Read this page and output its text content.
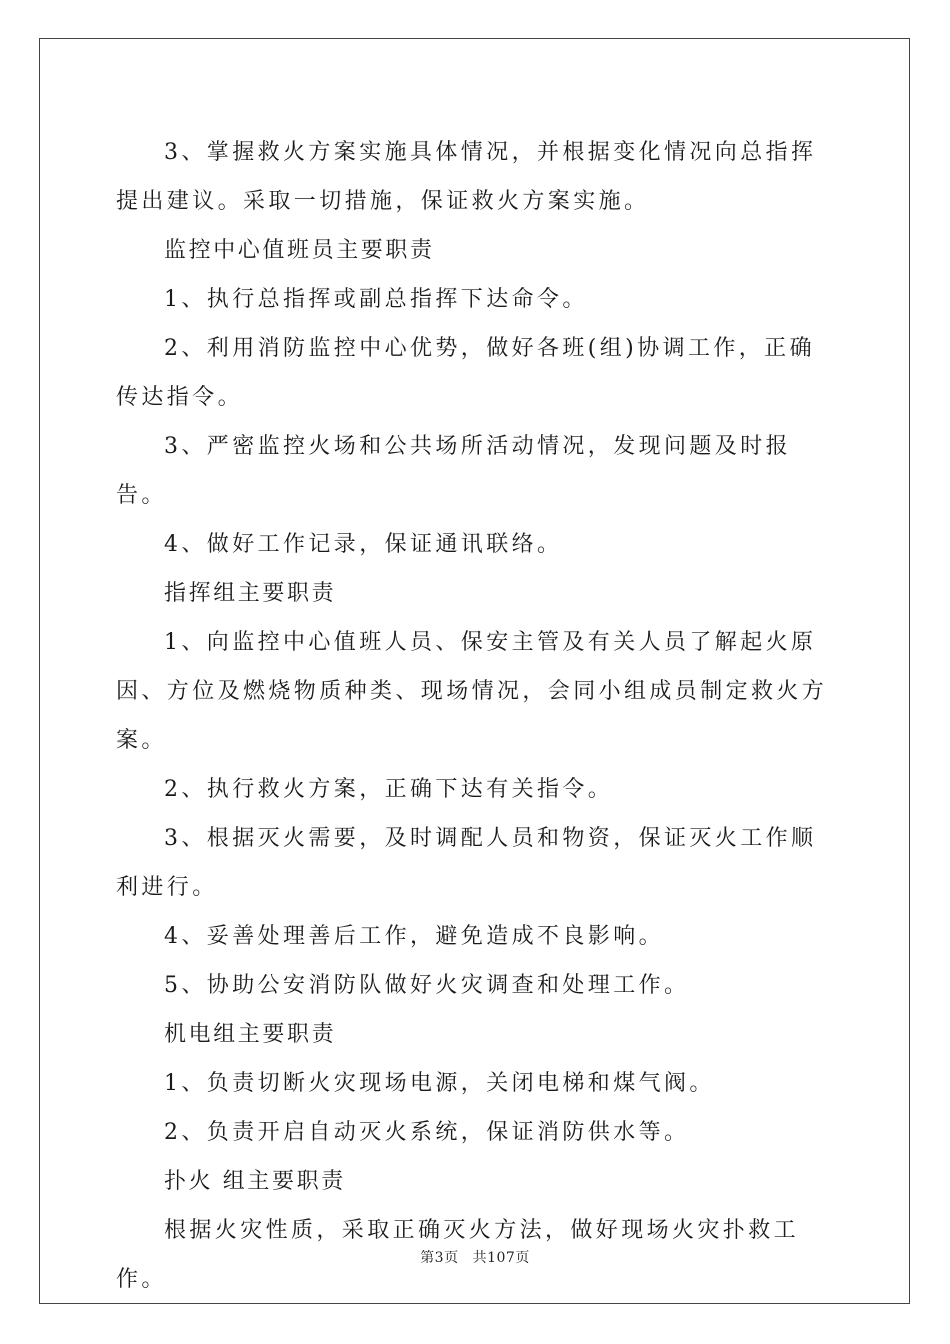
3、掌握救火方案实施具体情况，并根据变化情况向总指挥提出建议。采取一切措施，保证救火方案实施。

监控中心值班员主要职责

1、执行总指挥或副总指挥下达命令。

2、利用消防监控中心优势，做好各班(组)协调工作，正确传达指令。

3、严密监控火场和公共场所活动情况，发现问题及时报告。

4、做好工作记录，保证通讯联络。

指挥组主要职责

1、向监控中心值班人员、保安主管及有关人员了解起火原因、方位及燃烧物质种类、现场情况，会同小组成员制定救火方案。

2、执行救火方案，正确下达有关指令。

3、根据灭火需要，及时调配人员和物资，保证灭火工作顺利进行。

4、妥善处理善后工作，避免造成不良影响。

5、协助公安消防队做好火灾调查和处理工作。

机电组主要职责

1、负责切断火灾现场电源，关闭电梯和煤气阀。

2、负责开启自动灭火系统，保证消防供水等。

扑火 组主要职责

根据火灾性质，采取正确灭火方法，做好现场火灾扑救工作。

第3页 共107页
